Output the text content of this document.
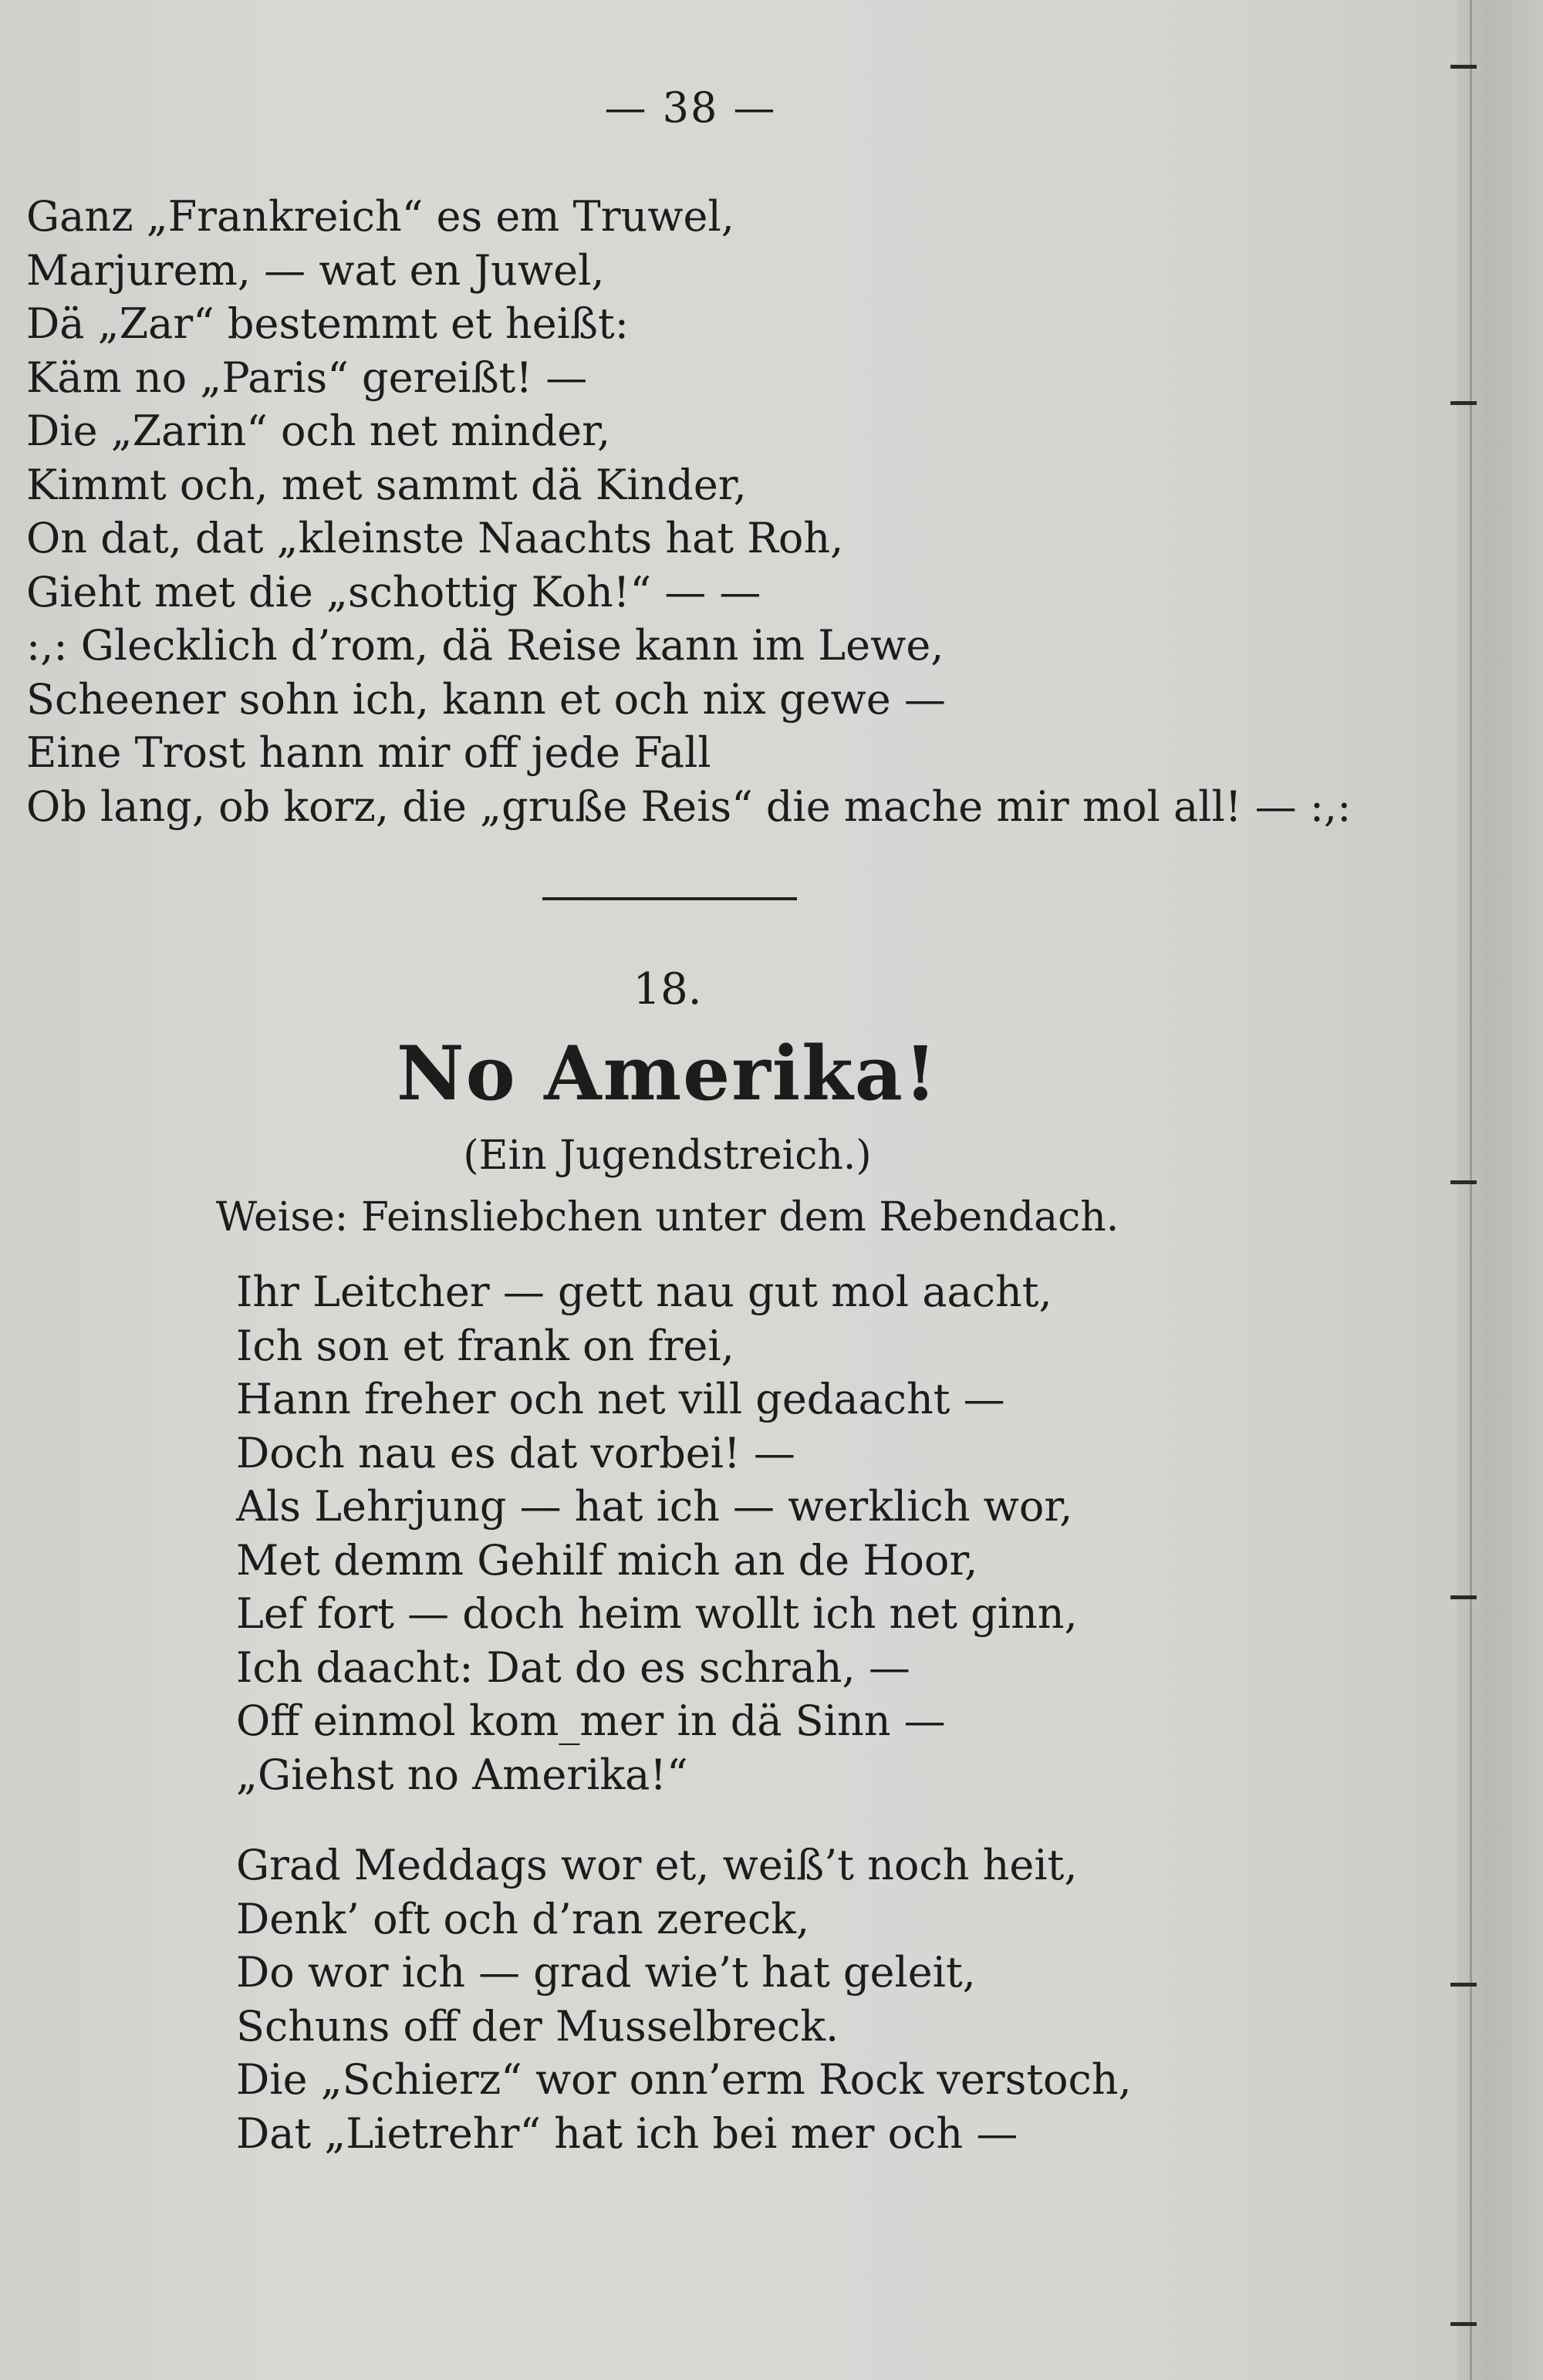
— 38 —
Ganz „Frankreich“ es em Truwel,
Marjurem, — wat en Juwel,
Dä „Zar“ bestemmt et heißt:
Käm no „Paris“ gereißt! —
Die „Zarin“ och net minder,
Kimmt och, met sammt dä Kinder,
On dat, dat „kleinste Naachts hat Roh,
Gieht met die „schottig Koh!“ — —
:,: Glecklich d’rom, dä Reise kann im Lewe,
Scheener sohn ich, kann et och nix gewe —
Eine Trost hann mir off jede Fall
Ob lang, ob korz, die „gruße Reis“ die mache mir mol all! — :,:
18.
No Amerika!
(Ein Jugendstreich.)
Weise: Feinsliebchen unter dem Rebendach.
Ihr Leitcher — gett nau gut mol aacht,
Ich son et frank on frei,
Hann freher och net vill gedaacht —
Doch nau es dat vorbei! —
Als Lehrjung — hat ich — werklich wor,
Met demm Gehilf mich an de Hoor,
Lef fort — doch heim wollt ich net ginn,
Ich daacht: Dat do es schrah, —
Off einmol kom_mer in dä Sinn —
„Giehst no Amerika!“
Grad Meddags wor et, weiß’t noch heit,
Denk’ oft och d’ran zereck,
Do wor ich — grad wie’t hat geleit,
Schuns off der Musselbreck.
Die „Schierz“ wor onn’erm Rock verstoch,
Dat „Lietrehr“ hat ich bei mer och —
